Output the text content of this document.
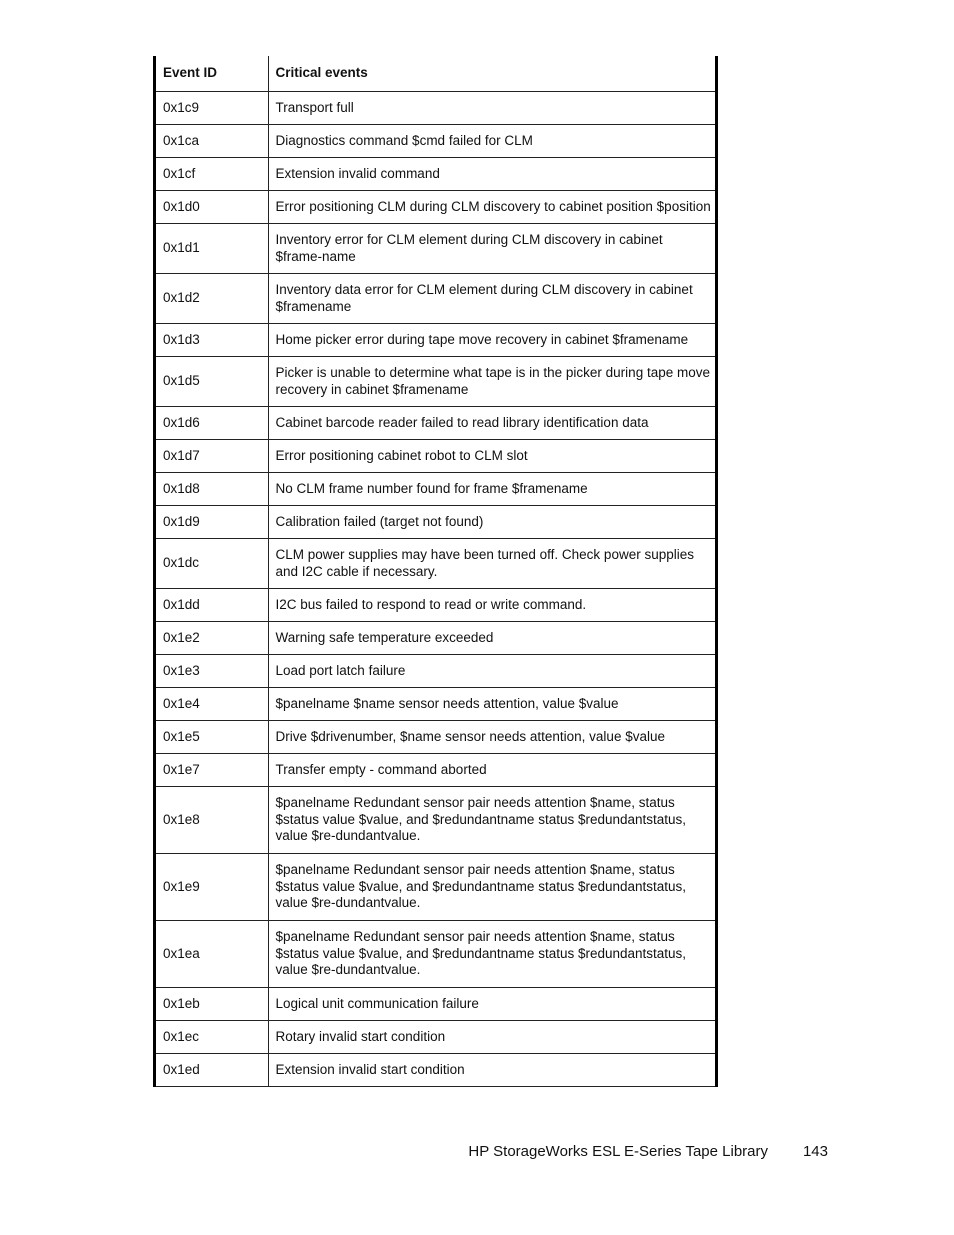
Event ID	Critical events
0x1c9	Transport full
0x1ca	Diagnostics command $cmd failed for CLM
0x1cf	Extension invalid command
0x1d0	Error positioning CLM during CLM discovery to cabinet position $position
0x1d1	Inventory error for CLM element during CLM discovery in cabinet $frame-name
0x1d2	Inventory data error for CLM element during CLM discovery in cabinet $framename
0x1d3	Home picker error during tape move recovery in cabinet $framename
0x1d5	Picker is unable to determine what tape is in the picker during tape move recovery in cabinet $framename
0x1d6	Cabinet barcode reader failed to read library identification data
0x1d7	Error positioning cabinet robot to CLM slot
0x1d8	No CLM frame number found for frame $framename
0x1d9	Calibration failed (target not found)
0x1dc	CLM power supplies may have been turned off. Check power supplies and I2C cable if necessary.
0x1dd	I2C bus failed to respond to read or write command.
0x1e2	Warning safe temperature exceeded
0x1e3	Load port latch failure
0x1e4	$panelname $name sensor needs attention, value $value
0x1e5	Drive $drivenumber, $name sensor needs attention, value $value
0x1e7	Transfer empty - command aborted
0x1e8	$panelname Redundant sensor pair needs attention $name, status $status value $value, and $redundantname status $redundantstatus, value $re-dundantvalue.
0x1e9	$panelname Redundant sensor pair needs attention $name, status $status value $value, and $redundantname status $redundantstatus, value $re-dundantvalue.
0x1ea	$panelname Redundant sensor pair needs attention $name, status $status value $value, and $redundantname status $redundantstatus, value $re-dundantvalue.
0x1eb	Logical unit communication failure
0x1ec	Rotary invalid start condition
0x1ed	Extension invalid start condition
HP StorageWorks ESL E-Series Tape Library 143
